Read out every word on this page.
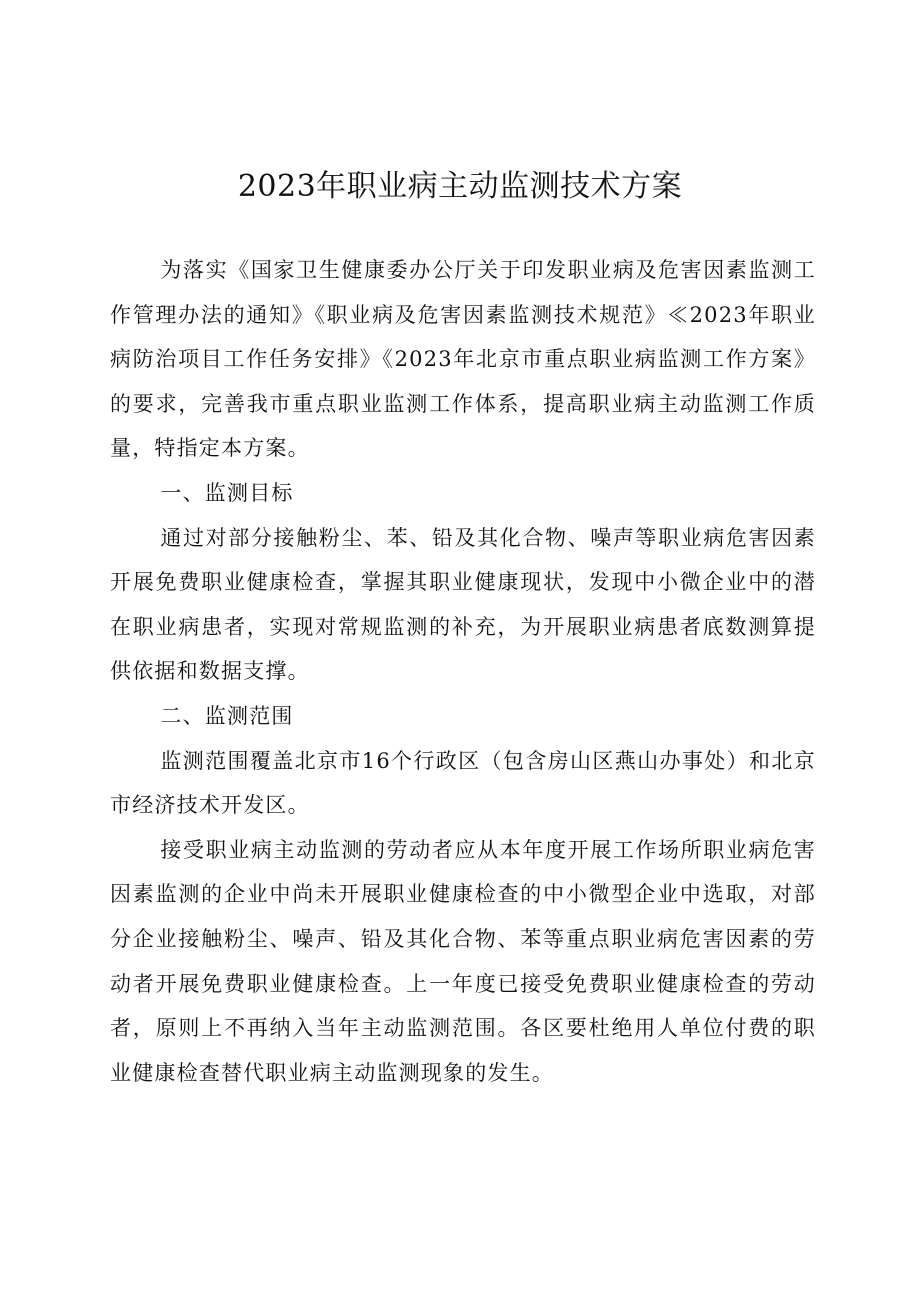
2023年职业病主动监测技术方案

为落实《国家卫生健康委办公厅关于印发职业病及危害因素监测工作管理办法的通知》《职业病及危害因素监测技术规范》≪2023年职业病防治项目工作任务安排》《2023年北京市重点职业病监测工作方案》的要求，完善我市重点职业监测工作体系，提高职业病主动监测工作质量，特指定本方案。

一、监测目标

通过对部分接触粉尘、苯、铅及其化合物、噪声等职业病危害因素开展免费职业健康检查，掌握其职业健康现状，发现中小微企业中的潜在职业病患者，实现对常规监测的补充，为开展职业病患者底数测算提供依据和数据支撑。

二、监测范围

监测范围覆盖北京市16个行政区（包含房山区燕山办事处）和北京市经济技术开发区。

接受职业病主动监测的劳动者应从本年度开展工作场所职业病危害因素监测的企业中尚未开展职业健康检查的中小微型企业中选取，对部分企业接触粉尘、噪声、铅及其化合物、苯等重点职业病危害因素的劳动者开展免费职业健康检查。上一年度已接受免费职业健康检查的劳动者，原则上不再纳入当年主动监测范围。各区要杜绝用人单位付费的职业健康检查替代职业病主动监测现象的发生。
